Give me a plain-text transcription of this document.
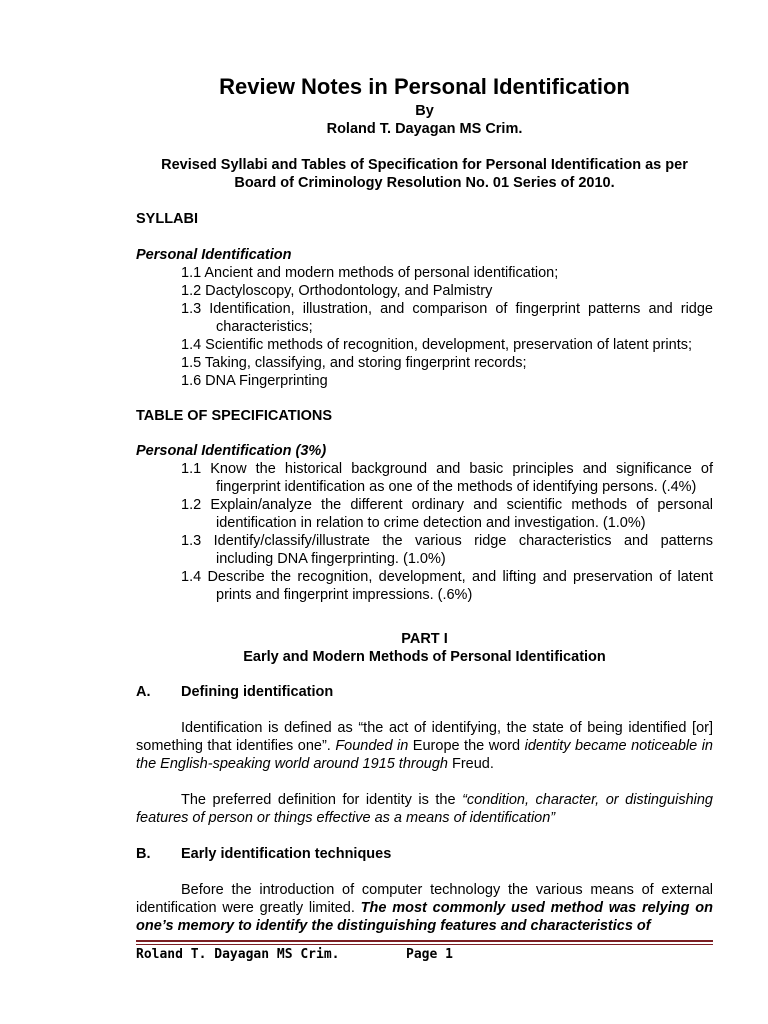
Review Notes in Personal Identification

By

Roland T. Dayagan MS Crim.

Revised Syllabi and Tables of Specification for Personal Identification as per

Board of Criminology Resolution No. 01 Series of 2010.

SYLLABI

Personal Identification

1.1 Ancient and modern methods of personal identification;
1.2 Dactyloscopy, Orthodontology, and Palmistry
1.3 Identification, illustration, and comparison of fingerprint patterns and ridge characteristics;
1.4 Scientific methods of recognition, development, preservation of latent prints;
1.5 Taking, classifying, and storing fingerprint records;
1.6 DNA Fingerprinting

TABLE OF SPECIFICATIONS

Personal Identification (3%)

1.1 Know the historical background and basic principles and significance of fingerprint identification as one of the methods of identifying persons. (.4%)
1.2 Explain/analyze the different ordinary and scientific methods of personal identification in relation to crime detection and investigation. (1.0%)
1.3 Identify/classify/illustrate the various ridge characteristics and patterns including DNA fingerprinting. (1.0%)
1.4 Describe the recognition, development, and lifting and preservation of latent prints and fingerprint impressions. (.6%)

PART I

Early and Modern Methods of Personal Identification

A.	Defining identification

Identification is defined as “the act of identifying, the state of being identified [or] something that identifies one”. Founded in Europe the word identity became noticeable in the English-speaking world around 1915 through Freud.

The preferred definition for identity is the “condition, character, or distinguishing features of person or things effective as a means of identification”

B.	Early identification techniques

Before the introduction of computer technology the various means of external identification were greatly limited. The most commonly used method was relying on one’s memory to identify the distinguishing features and characteristics of

Roland T. Dayagan MS Crim.	Page 1
